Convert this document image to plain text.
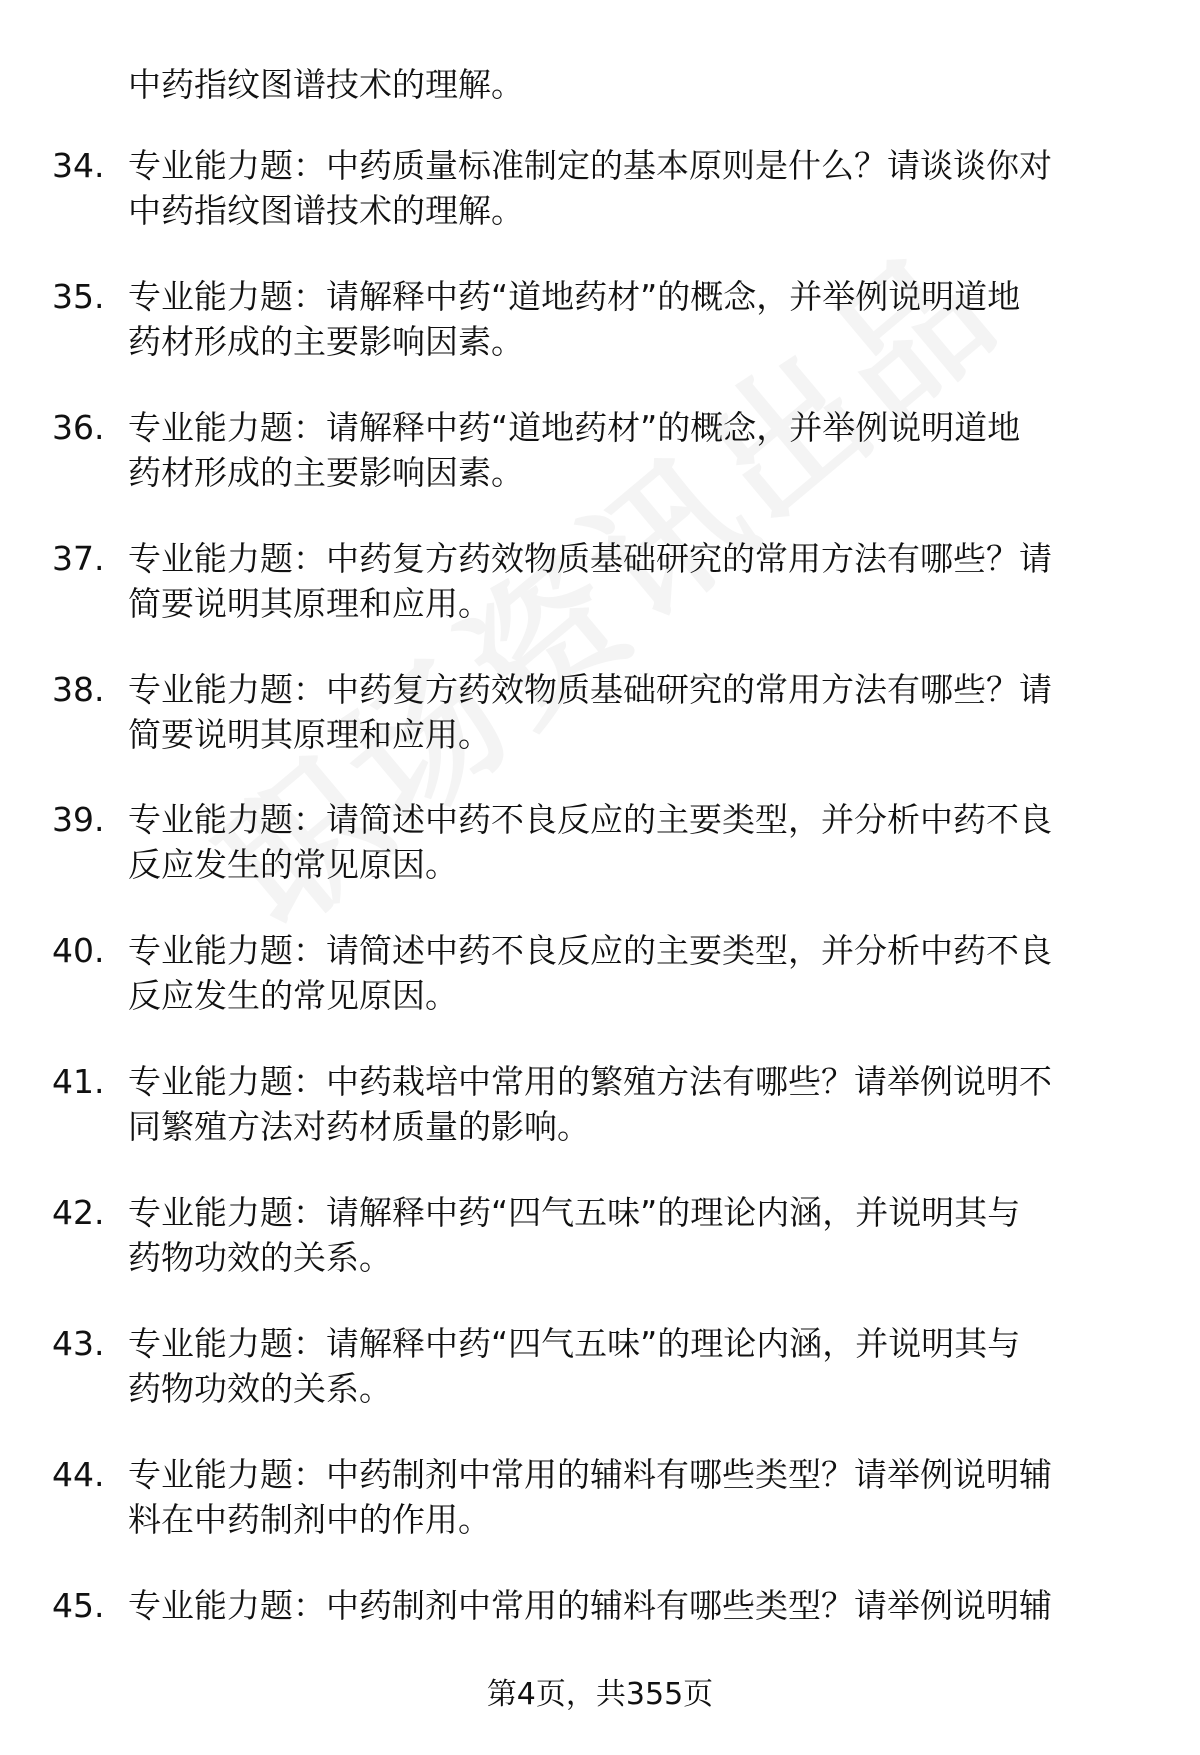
中药指纹图谱技术的理解。
34. 专业能力题：中药质量标准制定的基本原则是什么？请谈谈你对
中药指纹图谱技术的理解。
35. 专业能力题：请解释中药“道地药材”的概念，并举例说明道地
药材形成的主要影响因素。
36. 专业能力题：请解释中药“道地药材”的概念，并举例说明道地
药材形成的主要影响因素。
37. 专业能力题：中药复方药效物质基础研究的常用方法有哪些？请
简要说明其原理和应用。
38. 专业能力题：中药复方药效物质基础研究的常用方法有哪些？请
简要说明其原理和应用。
39. 专业能力题：请简述中药不良反应的主要类型，并分析中药不良
反应发生的常见原因。
40. 专业能力题：请简述中药不良反应的主要类型，并分析中药不良
反应发生的常见原因。
41. 专业能力题：中药栽培中常用的繁殖方法有哪些？请举例说明不
同繁殖方法对药材质量的影响。
42. 专业能力题：请解释中药“四气五味”的理论内涵，并说明其与
药物功效的关系。
43. 专业能力题：请解释中药“四气五味”的理论内涵，并说明其与
药物功效的关系。
44. 专业能力题：中药制剂中常用的辅料有哪些类型？请举例说明辅
料在中药制剂中的作用。
45. 专业能力题：中药制剂中常用的辅料有哪些类型？请举例说明辅
第4页，共355页
